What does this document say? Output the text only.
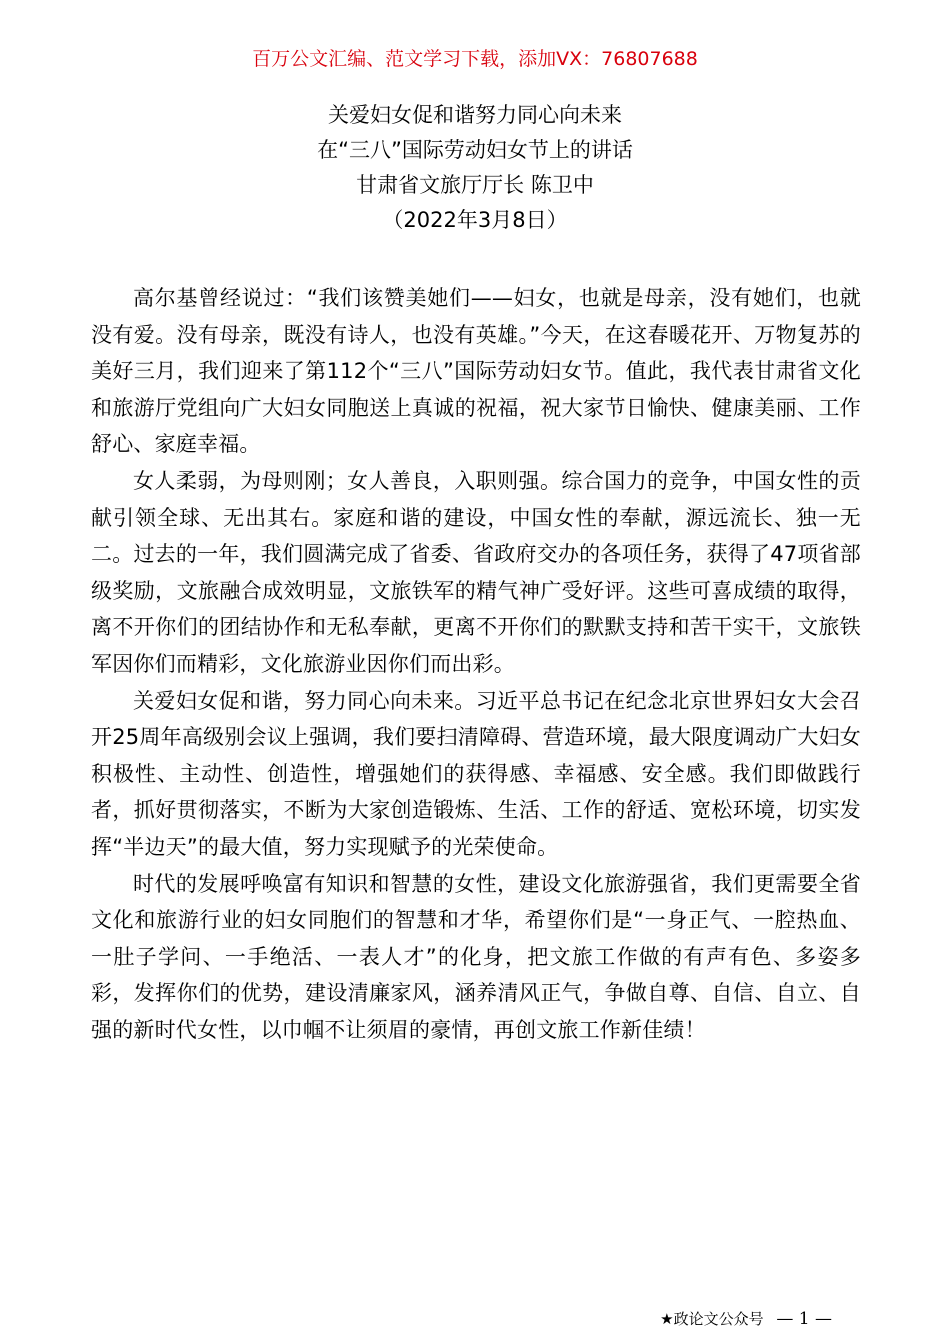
百万公文汇编、范文学习下载，添加VX：76807688
关爱妇女促和谐努力同心向未来
在“三八”国际劳动妇女节上的讲话
甘肃省文旅厅厅长 陈卫中
（2022年3月8日）

高尔基曾经说过：“我们该赞美她们——妇女，也就是母亲，没有她们，也就没有爱。没有母亲，既没有诗人，也没有英雄。”今天，在这春暖花开、万物复苏的美好三月，我们迎来了第112个“三八”国际劳动妇女节。值此，我代表甘肃省文化和旅游厅党组向广大妇女同胞送上真诚的祝福，祝大家节日愉快、健康美丽、工作舒心、家庭幸福。

女人柔弱，为母则刚；女人善良，入职则强。综合国力的竞争，中国女性的贡献引领全球、无出其右。家庭和谐的建设，中国女性的奉献，源远流长、独一无二。过去的一年，我们圆满完成了省委、省政府交办的各项任务，获得了47项省部级奖励，文旅融合成效明显，文旅铁军的精气神广受好评。这些可喜成绩的取得，离不开你们的团结协作和无私奉献，更离不开你们的默默支持和苦干实干，文旅铁军因你们而精彩，文化旅游业因你们而出彩。

关爱妇女促和谐，努力同心向未来。习近平总书记在纪念北京世界妇女大会召开25周年高级别会议上强调，我们要扫清障碍、营造环境，最大限度调动广大妇女积极性、主动性、创造性，增强她们的获得感、幸福感、安全感。我们即做践行者，抓好贯彻落实，不断为大家创造锻炼、生活、工作的舒适、宽松环境，切实发挥“半边天”的最大值，努力实现赋予的光荣使命。

时代的发展呼唤富有知识和智慧的女性，建设文化旅游强省，我们更需要全省文化和旅游行业的妇女同胞们的智慧和才华，希望你们是“一身正气、一腔热血、一肚子学问、一手绝活、一表人才”的化身，把文旅工作做的有声有色、多姿多彩，发挥你们的优势，建设清廉家风，涵养清风正气，争做自尊、自信、自立、自强的新时代女性，以巾帼不让须眉的豪情，再创文旅工作新佳绩！

★政论文公众号 — 1 —
